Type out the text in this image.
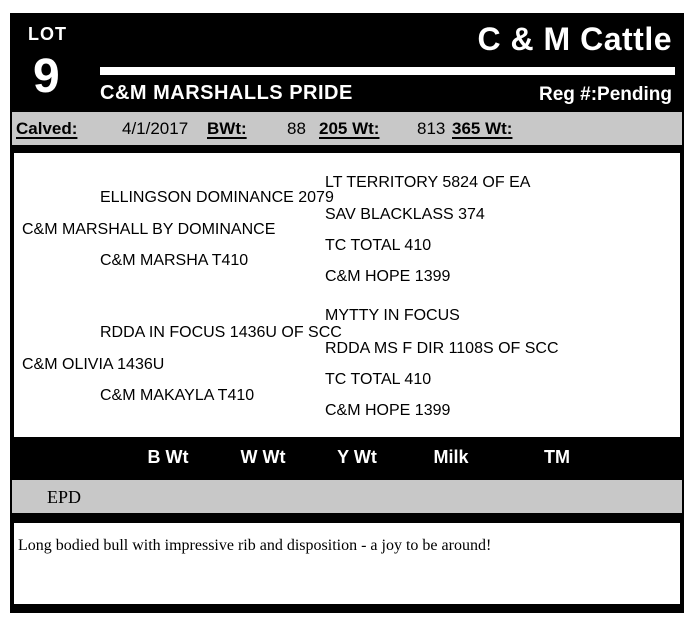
LOT
9
C & M Cattle
C&M MARSHALLS PRIDE	Reg #:Pending
Calved:	4/1/2017 BWt: 88 205 Wt: 813 365 Wt:
LT TERRITORY 5824 OF EA
ELLINGSON DOMINANCE 2079
SAV BLACKLASS 374
C&M MARSHALL BY DOMINANCE
TC TOTAL 410
C&M MARSHA T410
C&M HOPE 1399
MYTTY IN FOCUS
RDDA IN FOCUS 1436U OF SCC
RDDA MS F DIR 1108S OF SCC
C&M OLIVIA 1436U
TC TOTAL 410
C&M MAKAYLA T410
C&M HOPE 1399
B Wt	W Wt	Y Wt	Milk	TM
EPD

Long bodied bull with impressive rib and disposition - a joy to be around!
